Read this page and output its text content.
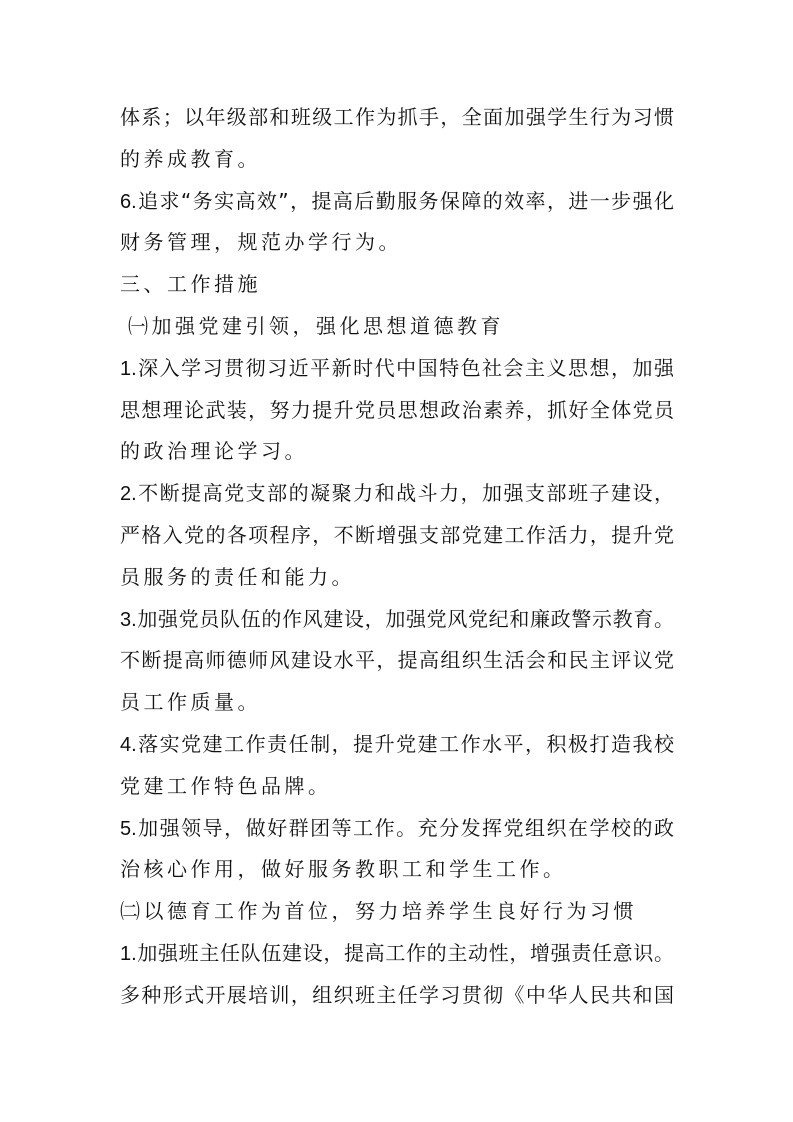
体系；以年级部和班级工作为抓手，全面加强学生行为习惯
的养成教育。
6.追求“务实高效”，提高后勤服务保障的效率，进一步强化
财务管理，规范办学行为。
三、工作措施
㈠加强党建引领，强化思想道德教育
1.深入学习贯彻习近平新时代中国特色社会主义思想，加强
思想理论武装，努力提升党员思想政治素养，抓好全体党员
的政治理论学习。
2.不断提高党支部的凝聚力和战斗力，加强支部班子建设，
严格入党的各项程序，不断增强支部党建工作活力，提升党
员服务的责任和能力。
3.加强党员队伍的作风建设，加强党风党纪和廉政警示教育。
不断提高师德师风建设水平，提高组织生活会和民主评议党
员工作质量。
4.落实党建工作责任制，提升党建工作水平，积极打造我校
党建工作特色品牌。
5.加强领导，做好群团等工作。充分发挥党组织在学校的政
治核心作用，做好服务教职工和学生工作。
㈡以德育工作为首位，努力培养学生良好行为习惯
1.加强班主任队伍建设，提高工作的主动性，增强责任意识。
多种形式开展培训，组织班主任学习贯彻《中华人民共和国
